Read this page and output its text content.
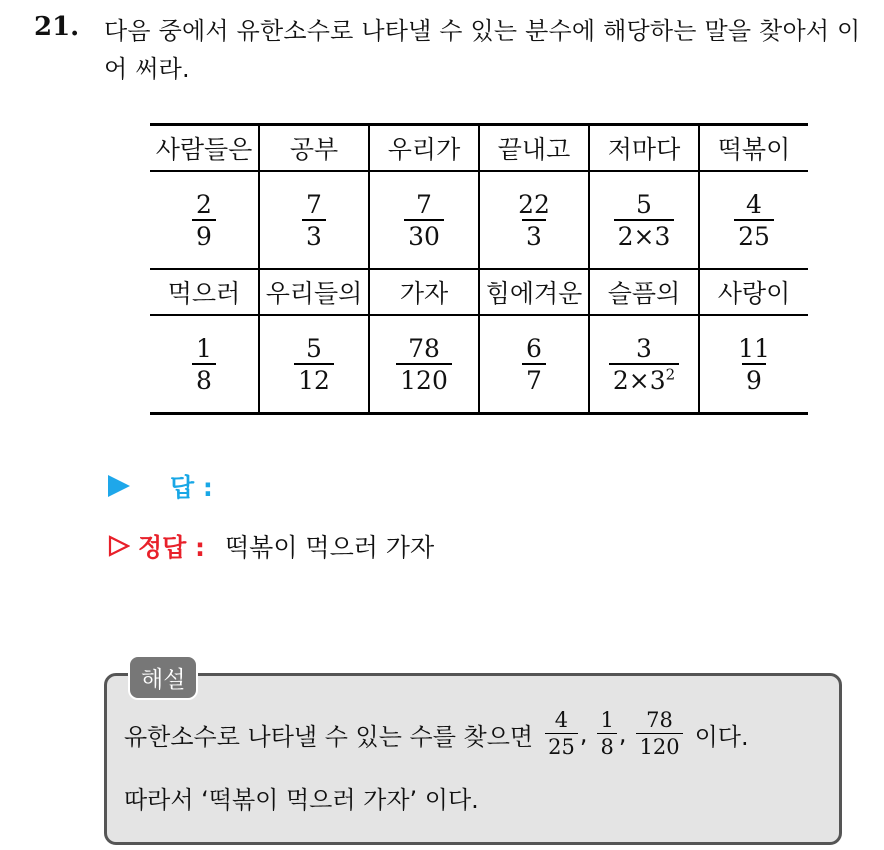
21. 다음 중에서 유한소수로 나타낼 수 있는 분수에 해당하는 말을 찾아서 이어 써라.
사람들은	공부	우리가	끝내고	저마다	떡볶이

$\frac{2}{9}$	$\frac{7}{3}$	$\frac{7}{30}$	$\frac{22}{3}$	$\frac{5}{2\times 3}$	$\frac{4}{25}$

먹으러	우리들의	가자	힘에겨운	슬픔의	사랑이

$\frac{1}{8}$	$\frac{5}{12}$	$\frac{78}{120}$	$\frac{6}{7}$	$\frac{3}{2\times 3^2}$	$\frac{11}{9}$
답 :
정답 : 떡볶이 먹으러 가자
해설
유한소수로 나타낼 수 있는 수를 찾으면 $\frac{4}{25}$ , $\frac{1}{8}$ , $\frac{78}{120}$ 이다.
따라서 ‘떡볶이 먹으러 가자’ 이다.
